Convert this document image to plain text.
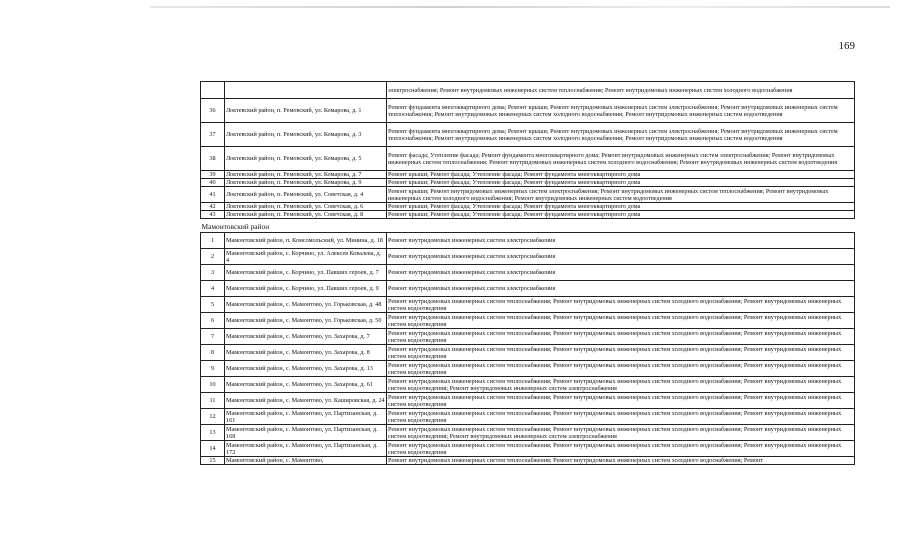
169
		электроснабжения; Ремонт внутридомовых инженерных систем теплоснабжения; Ремонт внутридомовых инженерных систем холодного водоснабжения
36	Локтевский район, п. Ремовский, ул. Комарова, д. 1	Ремонт фундамента многоквартирного дома; Ремонт крыши; Ремонт внутридомовых инженерных систем электроснабжения; Ремонт внутридомовых инженерных систем теплоснабжения; Ремонт внутридомовых инженерных систем холодного водоснабжения; Ремонт внутридомовых инженерных систем водоотведения
37	Локтевский район, п. Ремовский, ул. Комарова, д. 3	Ремонт фундамента многоквартирного дома; Ремонт крыши; Ремонт внутридомовых инженерных систем электроснабжения; Ремонт внутридомовых инженерных систем теплоснабжения; Ремонт внутридомовых инженерных систем холодного водоснабжения; Ремонт внутридомовых инженерных систем водоотведения
38	Локтевский район, п. Ремовский, ул. Комарова, д. 5	Ремонт фасада; Утепление фасада; Ремонт фундамента многоквартирного дома; Ремонт внутридомовых инженерных систем электроснабжения; Ремонт внутридомовых инженерных систем теплоснабжения; Ремонт внутридомовых инженерных систем холодного водоснабжения; Ремонт внутридомовых инженерных систем водоотведения
39	Локтевский район, п. Ремовский, ул. Комарова, д. 7	Ремонт крыши; Ремонт фасада; Утепление фасада; Ремонт фундамента многоквартирного дома
40	Локтевский район, п. Ремовский, ул. Комарова, д. 9	Ремонт крыши; Ремонт фасада; Утепление фасада; Ремонт фундамента многоквартирного дома
41	Локтевский район, п. Ремовский, ул. Советская, д. 4	Ремонт крыши; Ремонт внутридомовых инженерных систем электроснабжения; Ремонт внутридомовых инженерных систем теплоснабжения; Ремонт внутридомовых инженерных систем холодного водоснабжения; Ремонт внутридомовых инженерных систем водоотведения
42	Локтевский район, п. Ремовский, ул. Советская, д. 6	Ремонт крыши; Ремонт фасада; Утепление фасада; Ремонт фундамента многоквартирного дома
43	Локтевский район, п. Ремовский, ул. Советская, д. 8	Ремонт крыши; Ремонт фасада; Утепление фасада; Ремонт фундамента многоквартирного дома
Мамонтовский район		
1	Мамонтовский район, п. Комсомольский, ул. Минина, д. 18	Ремонт внутридомовых инженерных систем электроснабжения
2	Мамонтовский район, с. Корчино, ул. Алексея Ковалева, д. 4	Ремонт внутридомовых инженерных систем электроснабжения
3	Мамонтовский район, с. Корчино, ул. Павших героев, д. 7	Ремонт внутридомовых инженерных систем электроснабжения
4	Мамонтовский район, с. Корчино, ул. Павших героев, д. 9	Ремонт внутридомовых инженерных систем электроснабжения
5	Мамонтовский район, с. Мамонтово, ул. Горьковская, д. 48	Ремонт внутридомовых инженерных систем теплоснабжения; Ремонт внутридомовых инженерных систем холодного водоснабжения; Ремонт внутридомовых инженерных систем водоотведения
6	Мамонтовский район, с. Мамонтово, ул. Горьковская, д. 50	Ремонт внутридомовых инженерных систем теплоснабжения; Ремонт внутридомовых инженерных систем холодного водоснабжения; Ремонт внутридомовых инженерных систем водоотведения
7	Мамонтовский район, с. Мамонтово, ул. Захарова, д. 7	Ремонт внутридомовых инженерных систем теплоснабжения; Ремонт внутридомовых инженерных систем холодного водоснабжения; Ремонт внутридомовых инженерных систем водоотведения
8	Мамонтовский район, с. Мамонтово, ул. Захарова, д. 8	Ремонт внутридомовых инженерных систем теплоснабжения; Ремонт внутридомовых инженерных систем холодного водоснабжения; Ремонт внутридомовых инженерных систем водоотведения
9	Мамонтовский район, с. Мамонтово, ул. Захарова, д. 13	Ремонт внутридомовых инженерных систем теплоснабжения; Ремонт внутридомовых инженерных систем холодного водоснабжения; Ремонт внутридомовых инженерных систем водоотведения
10	Мамонтовский район, с. Мамонтово, ул. Захарова, д. 61	Ремонт внутридомовых инженерных систем теплоснабжения; Ремонт внутридомовых инженерных систем холодного водоснабжения; Ремонт внутридомовых инженерных систем водоотведения; Ремонт внутридомовых инженерных систем электроснабжения
11	Мамонтовский район, с. Мамонтово, ул. Кашировская, д. 24	Ремонт внутридомовых инженерных систем теплоснабжения; Ремонт внутридомовых инженерных систем холодного водоснабжения; Ремонт внутридомовых инженерных систем водоотведения
12	Мамонтовский район, с. Мамонтово, ул. Партизанская, д. 161	Ремонт внутридомовых инженерных систем теплоснабжения; Ремонт внутридомовых инженерных систем холодного водоснабжения; Ремонт внутридомовых инженерных систем водоотведения
13	Мамонтовский район, с. Мамонтово, ул. Партизанская, д. 168	Ремонт внутридомовых инженерных систем теплоснабжения; Ремонт внутридомовых инженерных систем холодного водоснабжения; Ремонт внутридомовых инженерных систем водоотведения; Ремонт внутридомовых инженерных систем электроснабжения
14	Мамонтовский район, с. Мамонтово, ул. Партизанская, д. 172	Ремонт внутридомовых инженерных систем теплоснабжения; Ремонт внутридомовых инженерных систем холодного водоснабжения; Ремонт внутридомовых инженерных систем водоотведения
15	Мамонтовский район, с. Мамонтово,	Ремонт внутридомовых инженерных систем теплоснабжения; Ремонт внутридомовых инженерных систем холодного водоснабжения; Ремонт
